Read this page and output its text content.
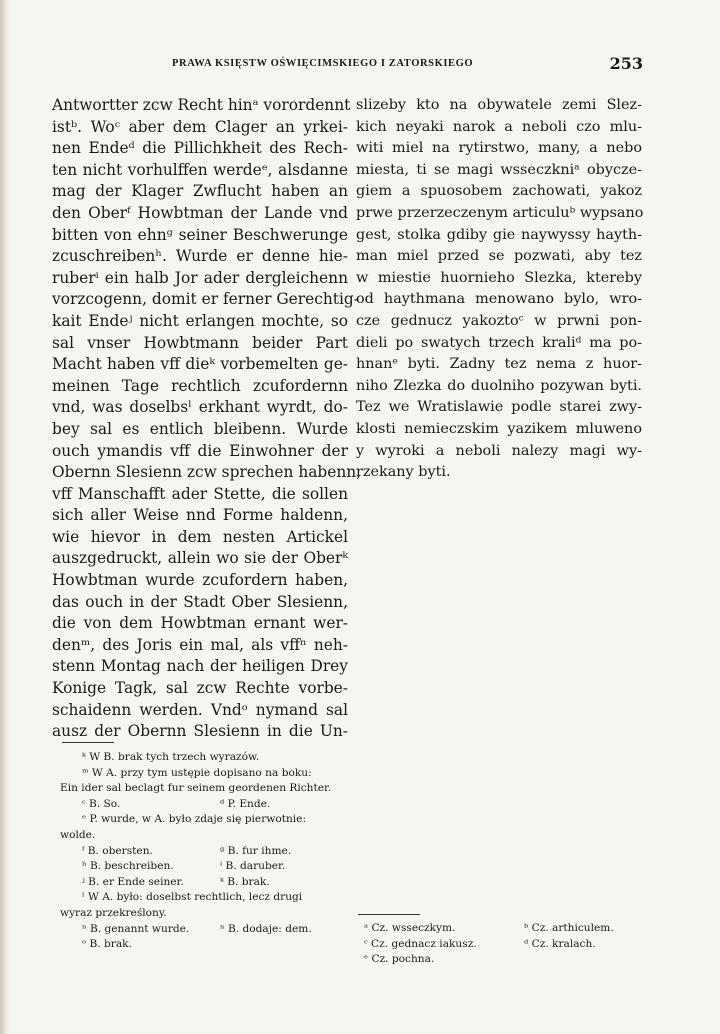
PRAWA KSIĘSTW OŚWIĘCIMSKIEGO I ZATORSKIEGO	253
Antwortter zcw Recht hinᵃ vorordennt
istᵇ. Woᶜ aber dem Clager an yrkei-
nen Endeᵈ die Pillichkheit des Rech-
ten nicht vorhulffen werdeᵉ, alsdanne
mag der Klager Zwflucht haben an
den Oberᶠ Howbtman der Lande vnd
bitten von ehnᵍ seiner Beschwerunge
zcuschreibenʰ. Wurde er denne hie-
ruberⁱ ein halb Jor ader dergleichenn
vorzcogenn, domit er ferner Gerechtig-
kait Endeʲ nicht erlangen mochte, so
sal vnser Howbtmann beider Part
Macht haben vff dieᵏ vorbemelten ge-
meinen Tage rechtlich zcufordernn
vnd, was doselbsˡ erkhant wyrdt, do-
bey sal es entlich bleibenn. Wurde
ouch ymandis vff die Einwohner der
Obernn Slesienn zcw sprechen habenn,
vff Manschafft ader Stette, die sollen
sich aller Weise nnd Forme haldenn,
wie hievor in dem nesten Artickel
auszgedruckt, allein wo sie der Oberᵏ
Howbtman wurde zcufordern haben,
das ouch in der Stadt Ober Slesienn,
die von dem Howbtman ernant wer-
denᵐ, des Joris ein mal, als vffⁿ neh-
stenn Montag nach der heiligen Drey
Konige Tagk, sal zcw Rechte vorbe-
schaidenn werden. Vndᵒ nymand sal
ausz der Obernn Slesienn in die Un-
slizeby kto na obywatele zemi Slez-
kich neyaki narok a neboli czo mlu-
witi miel na rytirstwo, many, a nebo
miesta, ti se magi wsseczkniᵃ obycze-
giem a spuosobem zachowati, yakoz
prwe przerzeczenym articuluᵇ wypsano
gest, stolka gdiby gie naywyssy hayth-
man miel przed se pozwati, aby tez
w miestie huornieho Slezka, ktereby
od haythmana menowano bylo, wro-
cze gednucz yakoztoᶜ w prwni pon-
dieli po swatych trzech kraliᵈ ma po-
hnanᵉ byti. Zadny tez nema z huor-
niho Zlezka do duolniho pozywan byti.
Tez we Wratislawie podle starei zwy-
klosti nemieczskim yazikem mluweno
y wyroki a neboli nalezy magi wy-
rzekany byti.
ᵏ W B. brak tych trzech wyrazów.
ᵐ W A. przy tym ustępie dopisano na boku:
Ein ider sal beclagt fur seinem geordenen Richter.
ᶜ B. So.	ᵈ P. Ende.
ᵉ P. wurde, w A. było zdaje się pierwotnie:
wolde.
ᶠ B. obersten.	ᵍ B. fur ihme.
ʰ B. beschreiben.	ⁱ B. daruber.
ʲ B. er Ende seiner.	ᵏ B. brak.
ˡ W A. było: doselbst rechtlich, lecz drugi
wyraz przekreślony.
ⁿ B. genannt wurde.	ⁿ B. dodaje: dem.
ᵒ B. brak.
ᵃ Cz. wsseczkym.	ᵇ Cz. arthiculem.
ᶜ Cz. gednacz iakusz.	ᵈ Cz. kralach.
ᵉ Cz. pochna.
